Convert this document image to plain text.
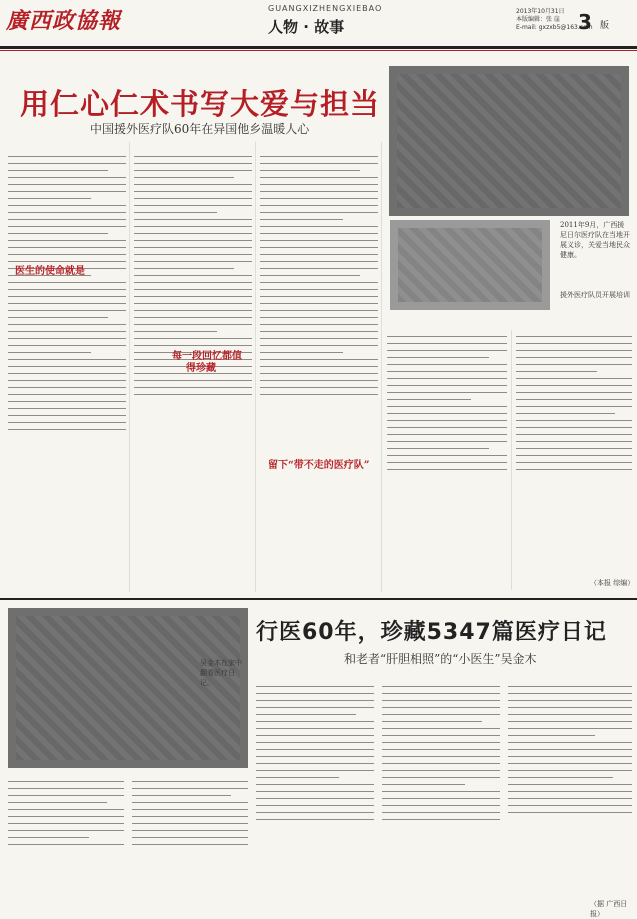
廣西政協報	GUANGXIZHENGXIEBAO
人物 · 故事
2013年10月31日
本版编辑：张 崖
E-mail: gxzxb5@163.com
3 版
用仁心仁术书写大爱与担当
中国援外医疗队60年在异国他乡温暖人心
2011年9月，广西援尼日尔医疗队在当地开展义诊，关爱当地民众健康。
援外医疗队员开展培训
医生的使命就是
每一段回忆都值
得珍藏
留下“带不走的医疗队”
（本报 综编）
吴金木在家中翻看医疗日记。
行医60年，珍藏5347篇医疗日记
和老者“肝胆相照”的“小医生”吴金木
（据 广西日报）
